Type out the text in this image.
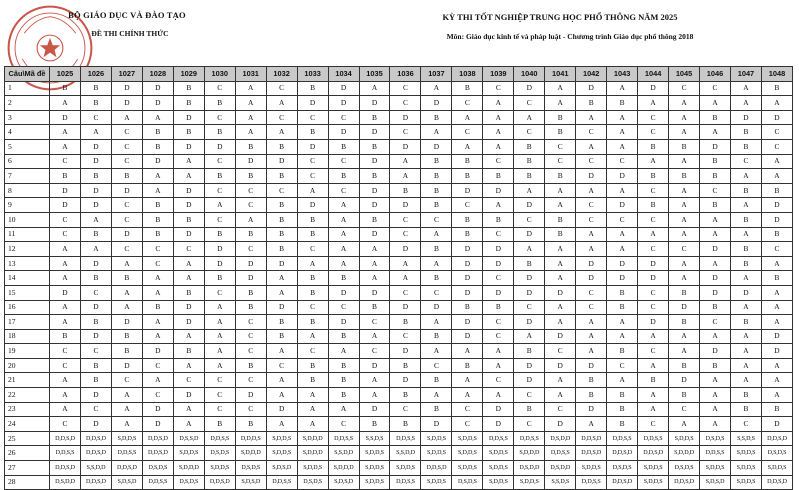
BỘ GIÁO DỤC VÀ ĐÀO TẠO
ĐỀ THI CHÍNH THỨC
KỲ THI TỐT NGHIỆP TRUNG HỌC PHỔ THÔNG NĂM 2025
Môn: Giáo dục kinh tế và pháp luật - Chương trình Giáo dục phổ thông 2018
Câu\Mã đề	1025	1026	1027	1028	1029	1030	1031	1032	1033	1034	1035	1036	1037	1038	1039	1040	1041	1042	1043	1044	1045	1046	1047	1048
1	B	B	D	D	B	C	A	C	B	D	A	C	A	B	C	D	A	D	A	D	C	C	A	B
2	A	B	D	D	B	B	A	A	D	D	D	C	D	C	A	C	A	B	B	A	A	A	A	A
3	D	C	A	A	D	C	A	C	C	C	B	D	B	A	A	A	B	A	A	C	A	B	D	D
4	A	A	C	B	B	B	A	A	B	D	D	C	A	C	A	C	B	C	A	C	A	A	B	C
5	A	D	C	B	D	D	B	B	D	B	B	D	D	A	A	B	C	A	A	B	B	D	B	C
6	C	D	C	D	A	C	D	D	C	C	D	A	B	B	C	B	C	C	C	A	A	B	C	A
7	B	B	B	A	A	B	B	B	C	B	B	A	B	B	B	B	B	D	D	B	B	B	A	A
8	D	D	D	A	D	C	C	C	A	C	D	B	B	D	D	A	A	A	A	C	A	C	B	B
9	D	D	C	B	D	A	C	B	D	A	D	D	B	C	A	D	A	C	D	B	A	B	A	D
10	C	A	C	B	B	C	A	B	B	A	B	C	C	B	B	C	B	C	C	C	A	A	B	D
11	C	B	D	B	D	B	B	B	B	A	D	C	A	B	C	D	B	A	A	A	A	A	A	B
12	A	A	C	C	C	D	C	B	C	A	A	D	B	D	D	A	A	A	A	C	C	D	B	C
13	A	D	A	C	A	D	D	D	A	A	A	A	A	D	D	B	A	D	D	D	A	A	B	A
14	A	B	B	A	A	B	D	A	B	B	A	A	B	D	C	D	A	D	D	D	A	D	A	B
15	D	C	A	A	B	C	B	A	B	D	D	C	C	D	D	D	D	C	B	C	B	D	D	A
16	A	D	A	B	D	A	B	D	C	C	B	D	D	B	B	C	A	C	B	C	D	B	A	A
17	A	B	D	A	D	A	C	B	B	D	C	B	A	D	C	D	A	A	A	D	B	C	B	A
18	B	D	B	A	A	A	C	B	A	B	A	C	B	D	C	A	D	A	A	A	A	A	A	D
19	C	C	B	D	B	A	C	A	C	A	C	D	A	A	A	B	C	A	B	C	A	D	A	D
20	C	B	D	C	A	A	B	C	B	B	D	B	C	B	A	D	D	D	C	A	B	B	A	A
21	A	B	C	A	C	C	C	A	B	B	A	D	B	A	C	D	A	B	A	B	D	A	A	A
22	A	D	A	C	D	C	D	A	A	B	A	B	A	A	A	C	A	B	B	A	B	A	B	A
23	A	C	A	D	A	C	C	D	A	A	D	C	B	C	D	B	C	D	B	A	C	A	B	B
24	C	D	A	D	A	B	B	A	A	C	B	B	D	C	D	C	D	A	B	C	A	A	C	D
25	D,D,S,D	D,D,S,D	S,D,D,S	D,D,S,D	D,S,S,D	D,D,S,S	D,D,D,S	S,D,D,S	S,D,D,D	D,D,S,S	S,S,D,S	D,D,S,S	S,D,D,S	S,D,D,S	D,D,S,S	D,D,S,S	D,S,D,D	D,D,S,D	D,D,S,S	D,D,S,S	S,D,D,S	D,S,D,S	S,S,D,S	D,D,S,D
26	D,D,S,S	D,D,S,D	D,D,S,S	D,D,S,D	S,D,D,S	D,S,D,S	S,D,D,D	S,D,D,S	S,D,D,D	S,S,D,D	S,D,D,S	S,S,D,D	S,D,D,S	S,D,D,S	S,D,D,S	S,D,D,D	D,D,S,S	D,D,S,D	D,D,S,D	D,D,S,D	S,D,D,D	D,D,S,S	S,D,D,S	D,S,D,S
27	D,D,S,D	S,S,D,D	D,D,S,D	D,S,D,S	S,D,D,D	S,D,D,S	D,S,D,S	S,D,S,D	S,D,D,S	S,D,D,D	S,D,D,S	S,D,D,S	D,D,S,D	S,D,D,S	S,D,D,S	D,S,D,D	D,S,D,D	S,D,D,S	D,S,D,S	S,D,D,S	D,S,D,S	S,D,D,S	S,D,D,S	S,D,D,S
28	D,S,D,D	D,D,S,D	S,D,S,D	D,D,S,S	D,S,D,S	D,D,S,D	S,D,S,D	D,D,S,S	D,S,D,S	S,D,S,D	S,D,D,S	D,D,S,S	S,D,D,S	D,S,D,S	S,D,D,S	S,D,D,S	S,S,D,S	D,D,S,S	D,D,S,D	S,D,D,S	D,D,S,D	S,D,S,D	S,D,D,S	D,D,S,D
